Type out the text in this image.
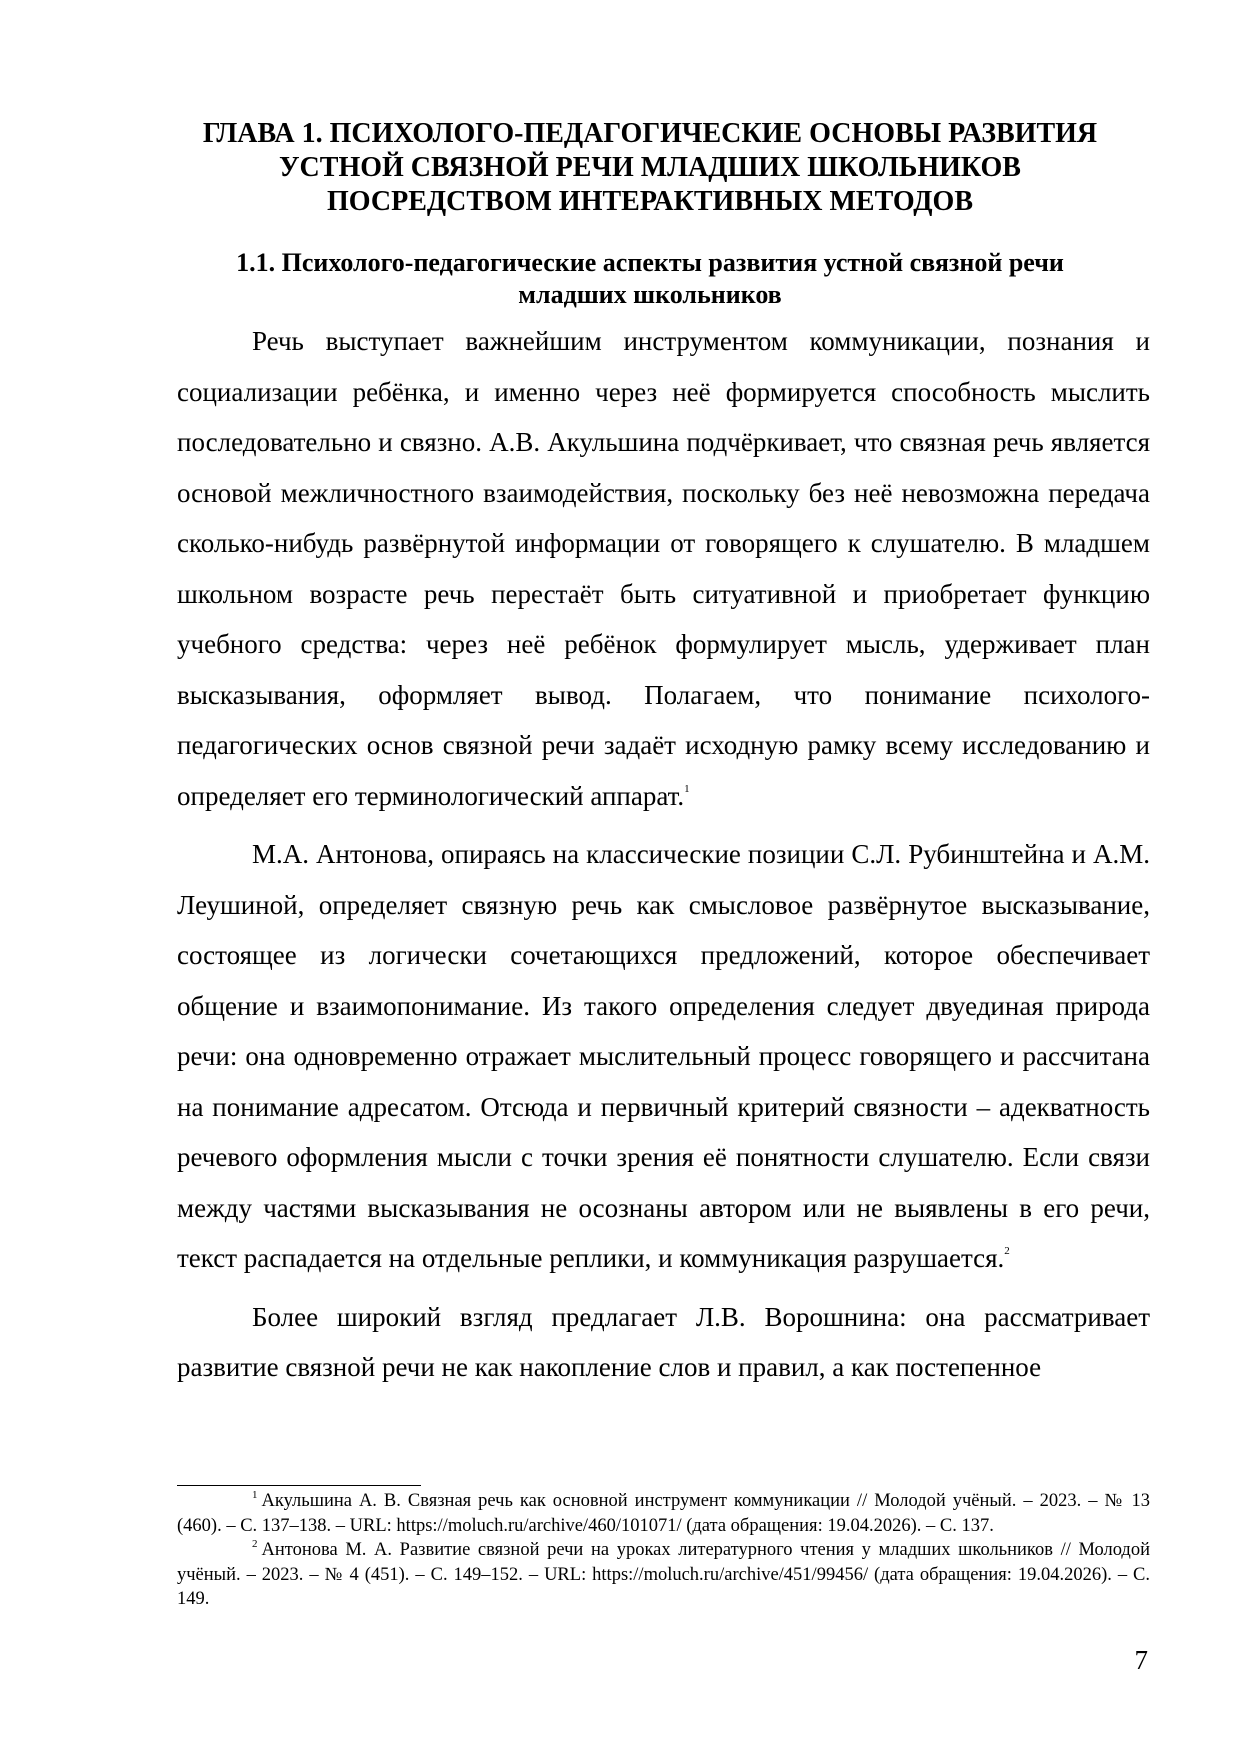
ГЛАВА 1. ПСИХОЛОГО-ПЕДАГОГИЧЕСКИЕ ОСНОВЫ РАЗВИТИЯ
УСТНОЙ СВЯЗНОЙ РЕЧИ МЛАДШИХ ШКОЛЬНИКОВ
ПОСРЕДСТВОМ ИНТЕРАКТИВНЫХ МЕТОДОВ
1.1. Психолого-педагогические аспекты развития устной связной речи
младших школьников

Речь выступает важнейшим инструментом коммуникации, познания и социализации ребёнка, и именно через неё формируется способность мыслить последовательно и связно. А.В. Акульшина подчёркивает, что связная речь является основой межличностного взаимодействия, поскольку без неё невозможна передача сколько-нибудь развёрнутой информации от говорящего к слушателю. В младшем школьном возрасте речь перестаёт быть ситуативной и приобретает функцию учебного средства: через неё ребёнок формулирует мысль, удерживает план высказывания, оформляет вывод. Полагаем, что понимание психолого-педагогических основ связной речи задаёт исходную рамку всему исследованию и определяет его терминологический аппарат.$^1$

М.А. Антонова, опираясь на классические позиции С.Л. Рубинштейна и А.М. Леушиной, определяет связную речь как смысловое развёрнутое высказывание, состоящее из логически сочетающихся предложений, которое обеспечивает общение и взаимопонимание. Из такого определения следует двуединая природа речи: она одновременно отражает мыслительный процесс говорящего и рассчитана на понимание адресатом. Отсюда и первичный критерий связности – адекватность речевого оформления мысли с точки зрения её понятности слушателю. Если связи между частями высказывания не осознаны автором или не выявлены в его речи, текст распадается на отдельные реплики, и коммуникация разрушается.$^2$

Более широкий взгляд предлагает Л.В. Ворошнина: она рассматривает развитие связной речи не как накопление слов и правил, а как постепенное

$^1$ Акульшина А. В. Связная речь как основной инструмент коммуникации // Молодой учёный. – 2023. – № 13 (460). – С. 137–138. – URL: https://moluch.ru/archive/460/101071/ (дата обращения: 19.04.2026). – С. 137.

$^2$ Антонова М. А. Развитие связной речи на уроках литературного чтения у младших школьников // Молодой учёный. – 2023. – № 4 (451). – С. 149–152. – URL: https://moluch.ru/archive/451/99456/ (дата обращения: 19.04.2026). – С. 149.

7
